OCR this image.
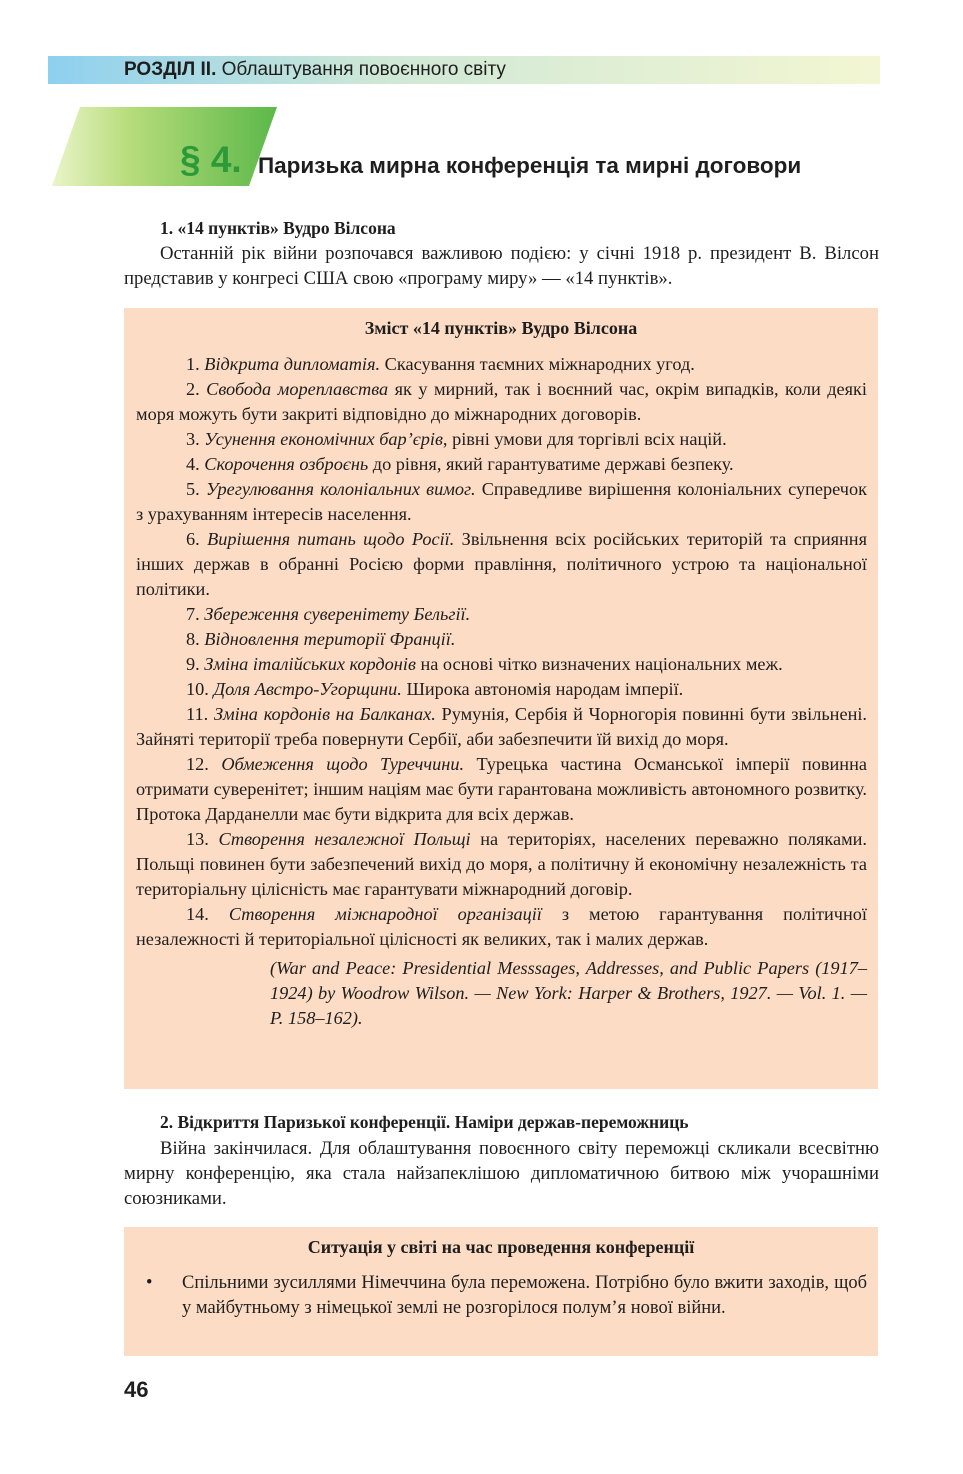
РОЗДІЛ ІІ. Облаштування повоєнного світу
§ 4. Паризька мирна конференція та мирні договори
1. «14 пунктів» Вудро Вілсона

Останній рік війни розпочався важливою подією: у січні 1918 р. президент В. Вілсон представив у конгресі США свою «програму миру» — «14 пунктів».

Зміст «14 пунктів» Вудро Вілсона

1. Відкрита дипломатія. Скасування таємних міжнародних угод.

2. Свобода мореплавства як у мирний, так і воєнний час, окрім випадків, коли деякі моря можуть бути закриті відповідно до міжнародних договорів.

3. Усунення економічних бар’єрів, рівні умови для торгівлі всіх націй.

4. Скорочення озброєнь до рівня, який гарантуватиме державі безпеку.

5. Урегулювання колоніальних вимог. Справедливе вирішення колоніальних суперечок з урахуванням інтересів населення.

6. Вирішення питань щодо Росії. Звільнення всіх російських територій та сприяння інших держав в обранні Росією форми правління, політичного устрою та національної політики.

7. Збереження суверенітету Бельгії.

8. Відновлення території Франції.

9. Зміна італійських кордонів на основі чітко визначених національних меж.

10. Доля Австро-Угорщини. Широка автономія народам імперії.

11. Зміна кордонів на Балканах. Румунія, Сербія й Чорногорія повинні бути звільнені. Зайняті території треба повернути Сербії, аби забезпечити їй вихід до моря.

12. Обмеження щодо Туреччини. Турецька частина Османської імперії повинна отримати суверенітет; іншим націям має бути гарантована можливість автономного розвитку. Протока Дарданелли має бути відкрита для всіх держав.

13. Створення незалежної Польщі на територіях, населених переважно поляками. Польщі повинен бути забезпечений вихід до моря, а політичну й економічну незалежність та територіальну цілісність має гарантувати міжнародний договір.

14. Створення міжнародної організації з метою гарантування політичної незалежності й територіальної цілісності як великих, так і малих держав.

(War and Peace: Presidential Messsages, Addresses, and Public Papers (1917–1924) by Woodrow Wilson. — New York: Harper & Brothers, 1927. — Vol. 1. — P. 158–162).

2. Відкриття Паризької конференції. Наміри держав-переможниць

Війна закінчилася. Для облаштування повоєнного світу переможці скликали всесвітню мирну конференцію, яка стала найзапеклішою дипломатичною битвою між учорашніми союзниками.

Ситуація у світі на час проведення конференції
• Спільними зусиллями Німеччина була переможена. Потрібно було вжити заходів, щоб у майбутньому з німецької землі не розгорілося полум’я нової війни.

46
